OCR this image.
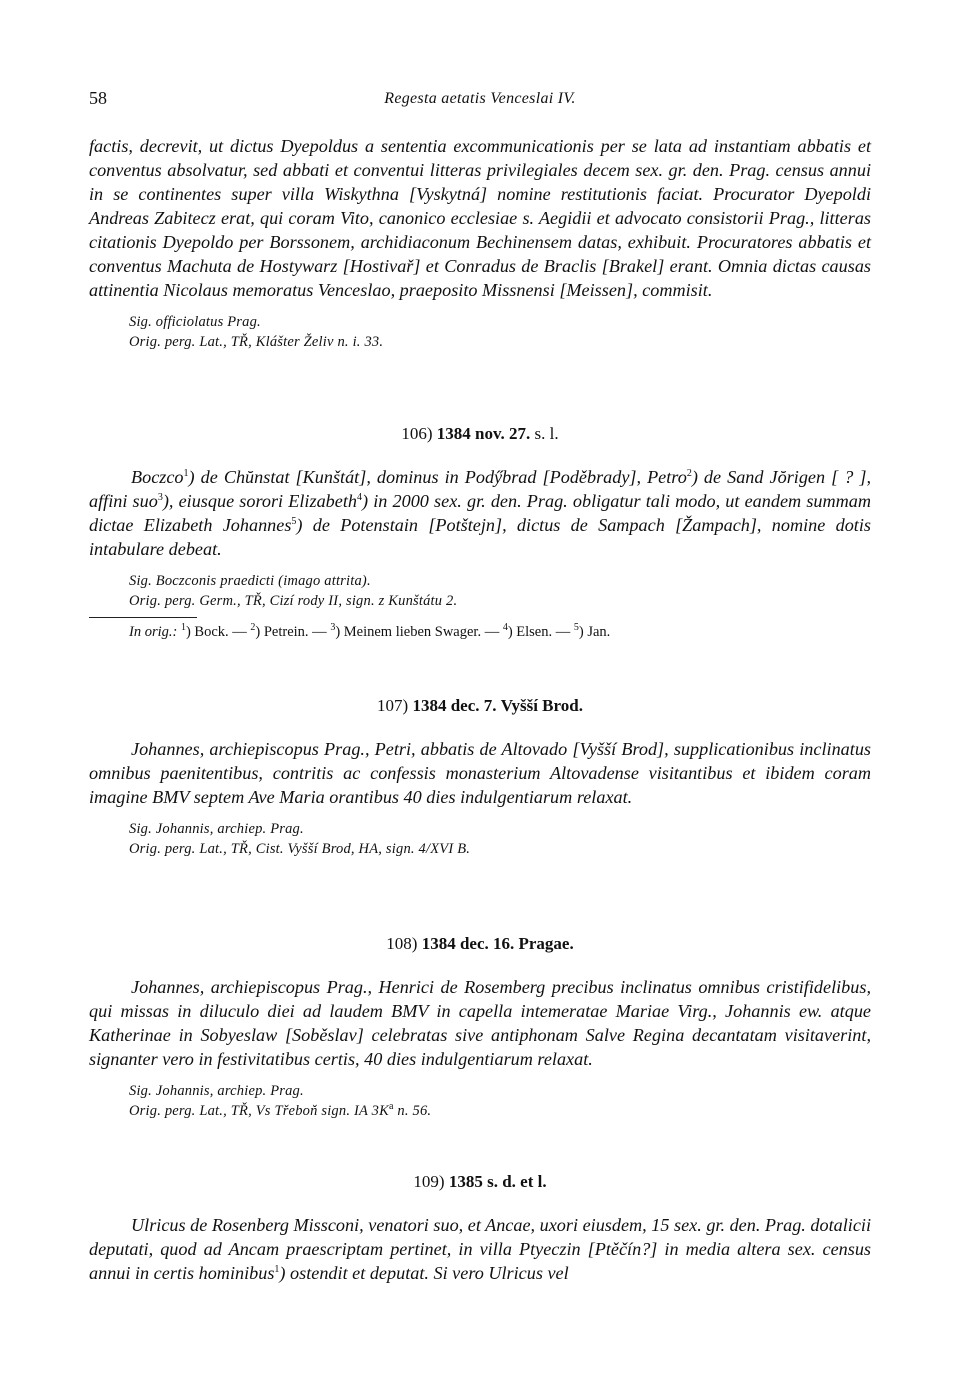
58	Regesta aetatis Venceslai IV.

factis, decrevit, ut dictus Dyepoldus a sententia excommunicationis per se lata ad instantiam abbatis et conventus absolvatur, sed abbati et conventui litteras privilegiales decem sex. gr. den. Prag. census annui in se continentes super villa Wiskythna [Vyskytná] nomine restitutionis faciat. Procurator Dyepoldi Andreas Zabitecz erat, qui coram Vito, canonico ecclesiae s. Aegidii et advocato consistorii Prag., litteras citationis Dyepoldo per Borssonem, archidiaconum Bechinensem datas, exhibuit. Procuratores abbatis et conventus Machuta de Hostywarz [Hostivař] et Conradus de Braclis [Brakel] erant. Omnia dictas causas attinentia Nicolaus memoratus Venceslao, praeposito Missnensi [Meissen], commisit.

Sig. officiolatus Prag.
Orig. perg. Lat., TŘ, Klášter Želiv n. i. 33.
106) 1384 nov. 27. s. l.

Boczco$^1$) de Chŭnstat [Kunštát], dominus in Podӳbrad [Poděbrady], Petro$^2$) de Sand Jŏrigen [ ? ], affini suo$^3$), eiusque sorori Elizabeth$^4$) in 2000 sex. gr. den. Prag. obligatur tali modo, ut eandem summam dictae Elizabeth Johannes$^5$) de Potenstain [Potštejn], dictus de Sampach [Žampach], nomine dotis intabulare debeat.

Sig. Boczconis praedicti (imago attrita).
Orig. perg. Germ., TŘ, Cizí rody II, sign. z Kunštátu 2.
In orig.: $^1$) Bock. — $^2$) Petrein. — $^3$) Meinem lieben Swager. — $^4$) Elsen. — $^5$) Jan.
107) 1384 dec. 7. Vyšší Brod.

Johannes, archiepiscopus Prag., Petri, abbatis de Altovado [Vyšší Brod], supplicationibus inclinatus omnibus paenitentibus, contritis ac confessis monasterium Altovadense visitantibus et ibidem coram imagine BMV septem Ave Maria orantibus 40 dies indulgentiarum relaxat.

Sig. Johannis, archiep. Prag.
Orig. perg. Lat., TŘ, Cist. Vyšší Brod, HA, sign. 4/XVI B.
108) 1384 dec. 16. Pragae.

Johannes, archiepiscopus Prag., Henrici de Rosemberg precibus inclinatus omnibus cristifidelibus, qui missas in diluculo diei ad laudem BMV in capella intemeratae Mariae Virg., Johannis ew. atque Katherinae in Sobyeslaw [Soběslav] celebratas sive antiphonam Salve Regina decantatam visitaverint, signanter vero in festivitatibus certis, 40 dies indulgentiarum relaxat.

Sig. Johannis, archiep. Prag.
Orig. perg. Lat., TŘ, Vs Třeboň sign. IA $3K^a$ n. 56.
109) 1385 s. d. et l.

Ulricus de Rosenberg Missconi, venatori suo, et Ancae, uxori eiusdem, 15 sex. gr. den. Prag. dotalicii deputati, quod ad Ancam praescriptam pertinet, in villa Ptyeczin [Ptěčín?] in media altera sex. census annui in certis hominibus$^1$) ostendit et deputat. Si vero Ulricus vel
